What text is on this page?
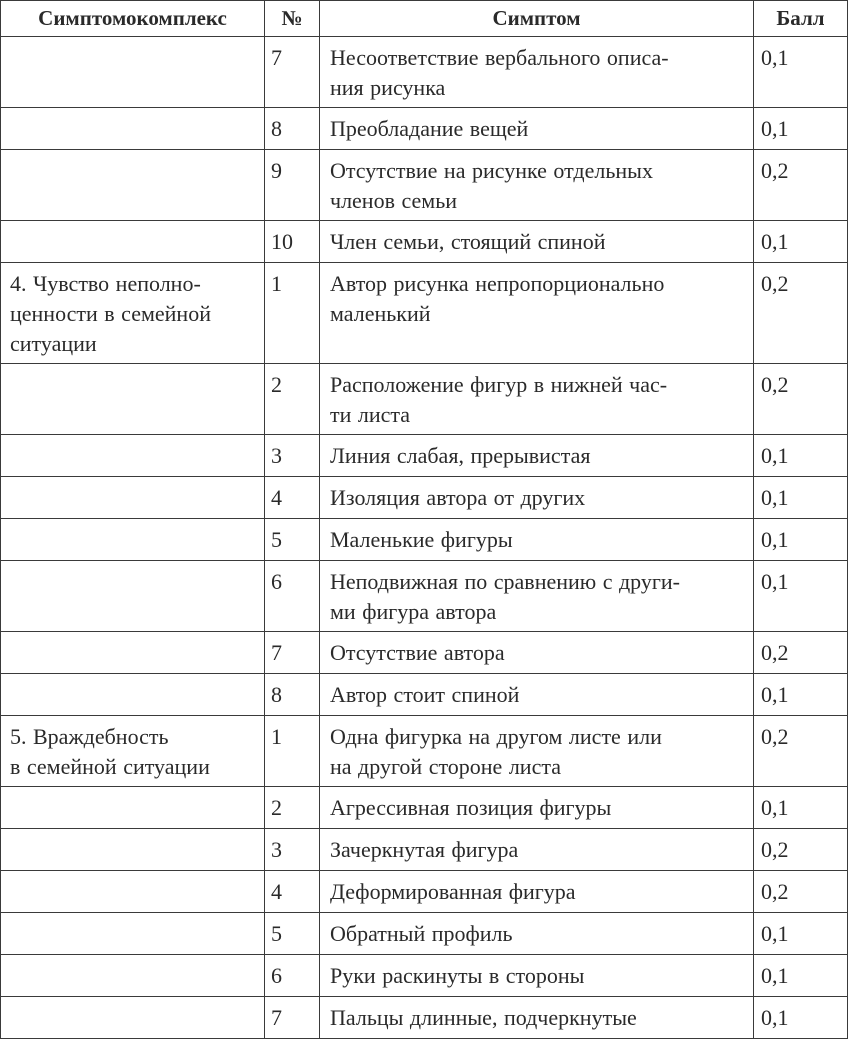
Симптомокомплекс	№	Симптом	Балл

	7	Несоответствие вербального описа-
ния рисунка	0,1

	8	Преобладание вещей	0,1

	9	Отсутствие на рисунке отдельных
членов семьи	0,2

	10	Член семьи, стоящий спиной	0,1

4. Чувство неполно-
ценности в семейной
ситуации	1	Автор рисунка непропорционально
маленький	0,2

	2	Расположение фигур в нижней час-
ти листа	0,2

	3	Линия слабая, прерывистая	0,1

	4	Изоляция автора от других	0,1

	5	Маленькие фигуры	0,1

	6	Неподвижная по сравнению с други-
ми фигура автора	0,1

	7	Отсутствие автора	0,2

	8	Автор стоит спиной	0,1

5. Враждебность
в семейной ситуации	1	Одна фигурка на другом листе или
на другой стороне листа	0,2

	2	Агрессивная позиция фигуры	0,1

	3	Зачеркнутая фигура	0,2

	4	Деформированная фигура	0,2

	5	Обратный профиль	0,1

	6	Руки раскинуты в стороны	0,1

	7	Пальцы длинные, подчеркнутые	0,1
